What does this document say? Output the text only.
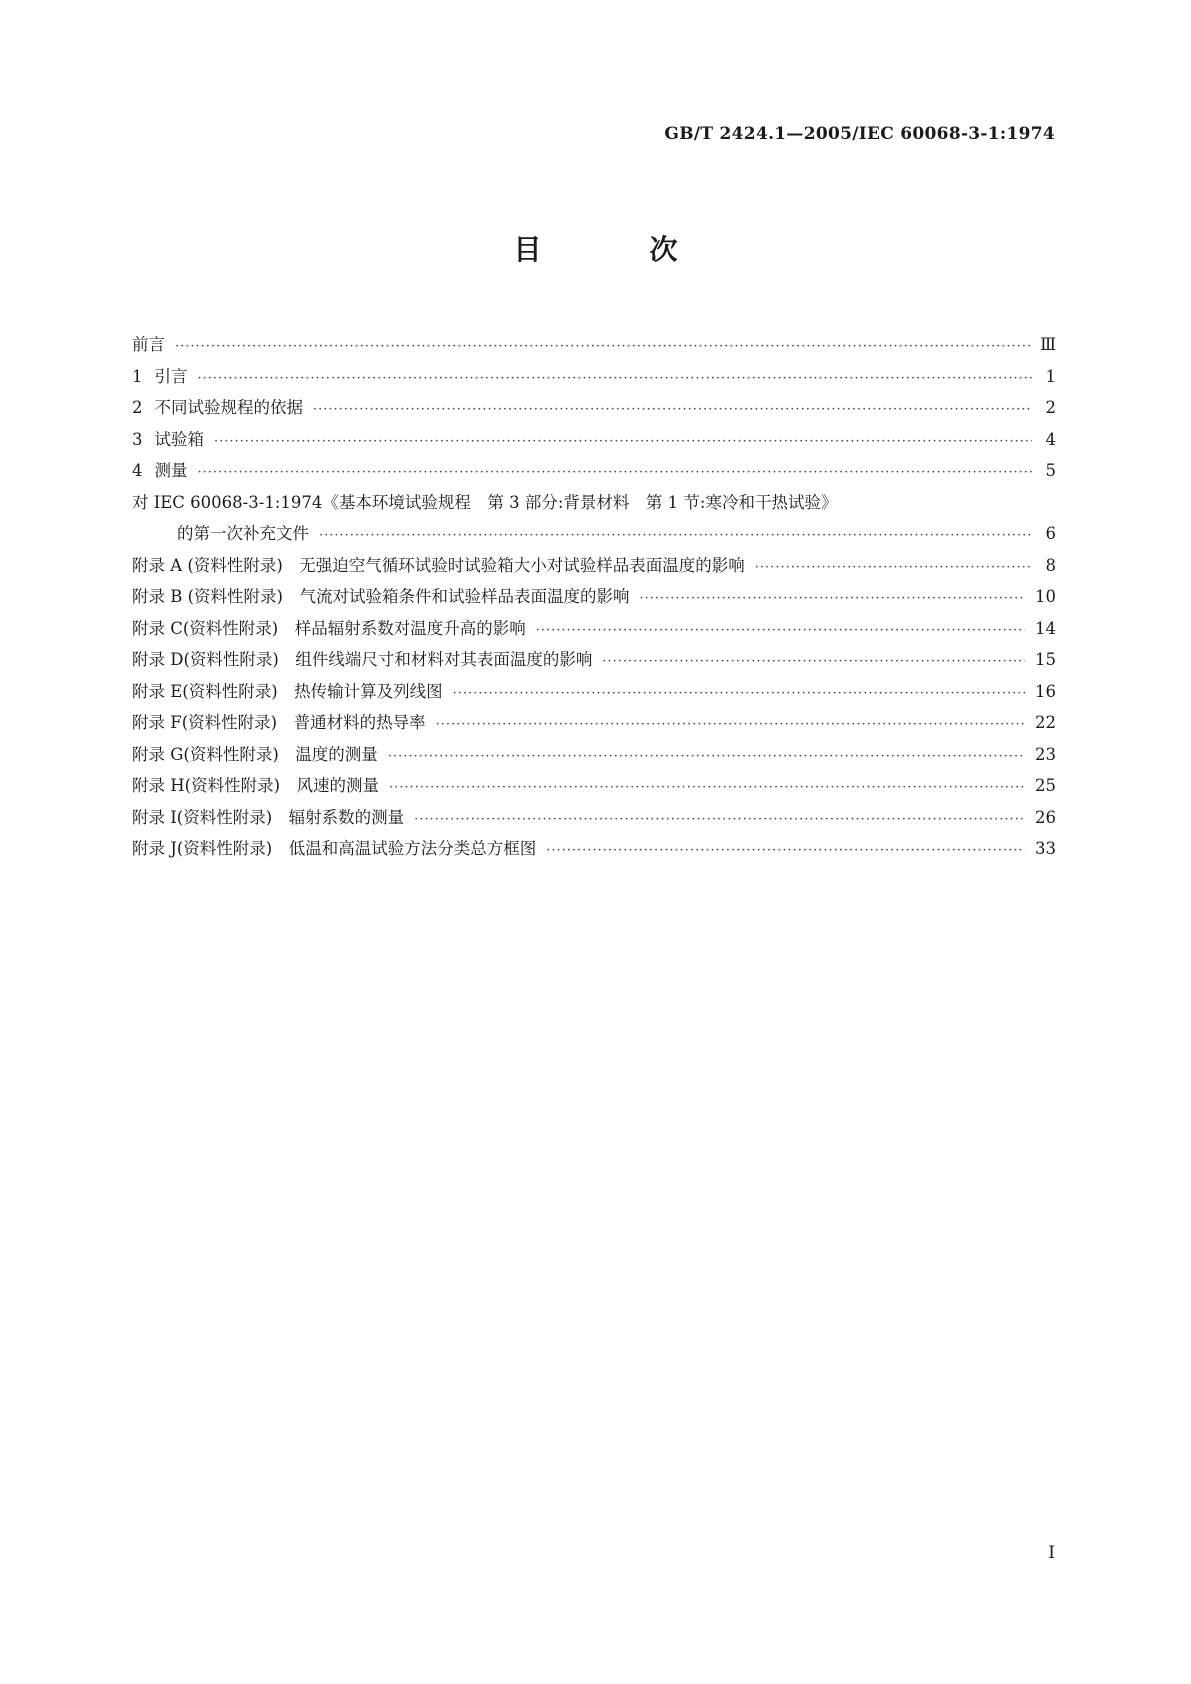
GB/T 2424.1—2005/IEC 60068-3-1:1974
目　次
前言 ·····	Ⅲ
1 引言 ·····	1
2 不同试验规程的依据 ·····	2
3 试验箱 ·····	4
4 测量 ·····	5
对 IEC 60068-3-1:1974《基本环境试验规程　第 3 部分:背景材料　第 1 节:寒冷和干热试验》
的第一次补充文件 ·····	6
附录 A (资料性附录)　无强迫空气循环试验时试验箱大小对试验样品表面温度的影响 ·····	8
附录 B (资料性附录)　气流对试验箱条件和试验样品表面温度的影响 ·····	10
附录 C(资料性附录)　样品辐射系数对温度升高的影响 ·····	14
附录 D(资料性附录)　组件线端尺寸和材料对其表面温度的影响 ·····	15
附录 E(资料性附录)　热传输计算及列线图 ·····	16
附录 F(资料性附录)　普通材料的热导率 ·····	22
附录 G(资料性附录)　温度的测量 ·····	23
附录 H(资料性附录)　风速的测量 ·····	25
附录 I(资料性附录)　辐射系数的测量 ·····	26
附录 J(资料性附录)　低温和高温试验方法分类总方框图 ·····	33
Ⅰ
